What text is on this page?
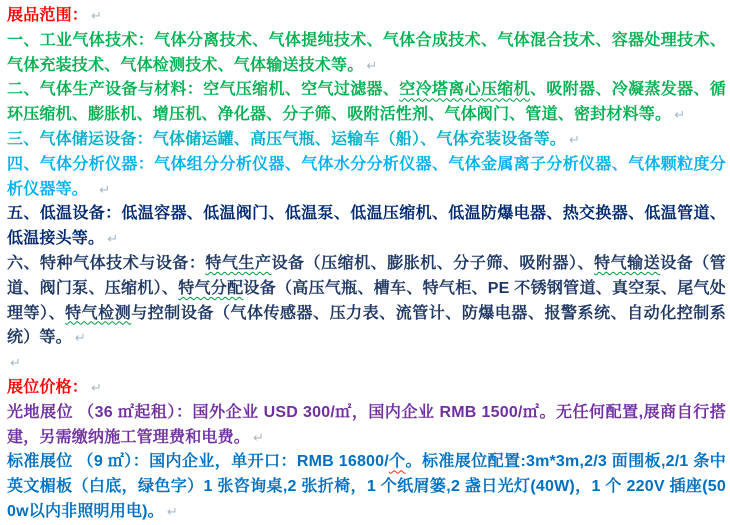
展品范围： ↵

一、工业气体技术：气体分离技术、气体提纯技术、气体合成技术、气体混合技术、容器处理技术、气体充装技术、气体检测技术、气体输送技术等。 ↵

二、气体生产设备与材料：空气压缩机、空气过滤器、空冷塔离心压缩机、吸附器、冷凝蒸发器、循环压缩机、膨胀机、增压机、净化器、分子筛、吸附活性剂、气体阀门、管道、密封材料等。 ↵

三、气体储运设备：气体储运罐、高压气瓶、运输车（船）、气体充装设备等。 ↵

四、气体分析仪器：气体组分分析仪器、气体水分分析仪器、气体金属离子分析仪器、气体颗粒度分析仪器等。　 ↵

五、低温设备：低温容器、低温阀门、低温泵、低温压缩机、低温防爆电器、热交换器、低温管道、低温接头等。 ↵

六、特种气体技术与设备：特气生产设备（压缩机、膨胀机、分子筛、吸附器）、特气输送设备（管道、阀门泵、压缩机）、特气分配设备（高压气瓶、槽车、特气柜、PE 不锈钢管道、真空泵、尾气处理等）、特气检测与控制设备（气体传感器、压力表、流管计、防爆电器、报警系统、自动化控制系统）等。 ↵

↵

展位价格： ↵

光地展位 （36 ㎡起租）：国外企业 USD 300/㎡，国内企业 RMB 1500/㎡。无任何配置,展商自行搭建，另需缴纳施工管理费和电费。 ↵

标准展位 （9 ㎡）：国内企业，单开口：RMB 16800/个。标准展位配置:3m*3m,2/3 面围板,2/1 条中英文楣板（白底，绿色字）1 张咨询桌,2 张折椅，1 个纸屑篓,2 盏日光灯(40W)，1 个 220V 插座(500w以内非照明用电)。 ↵
